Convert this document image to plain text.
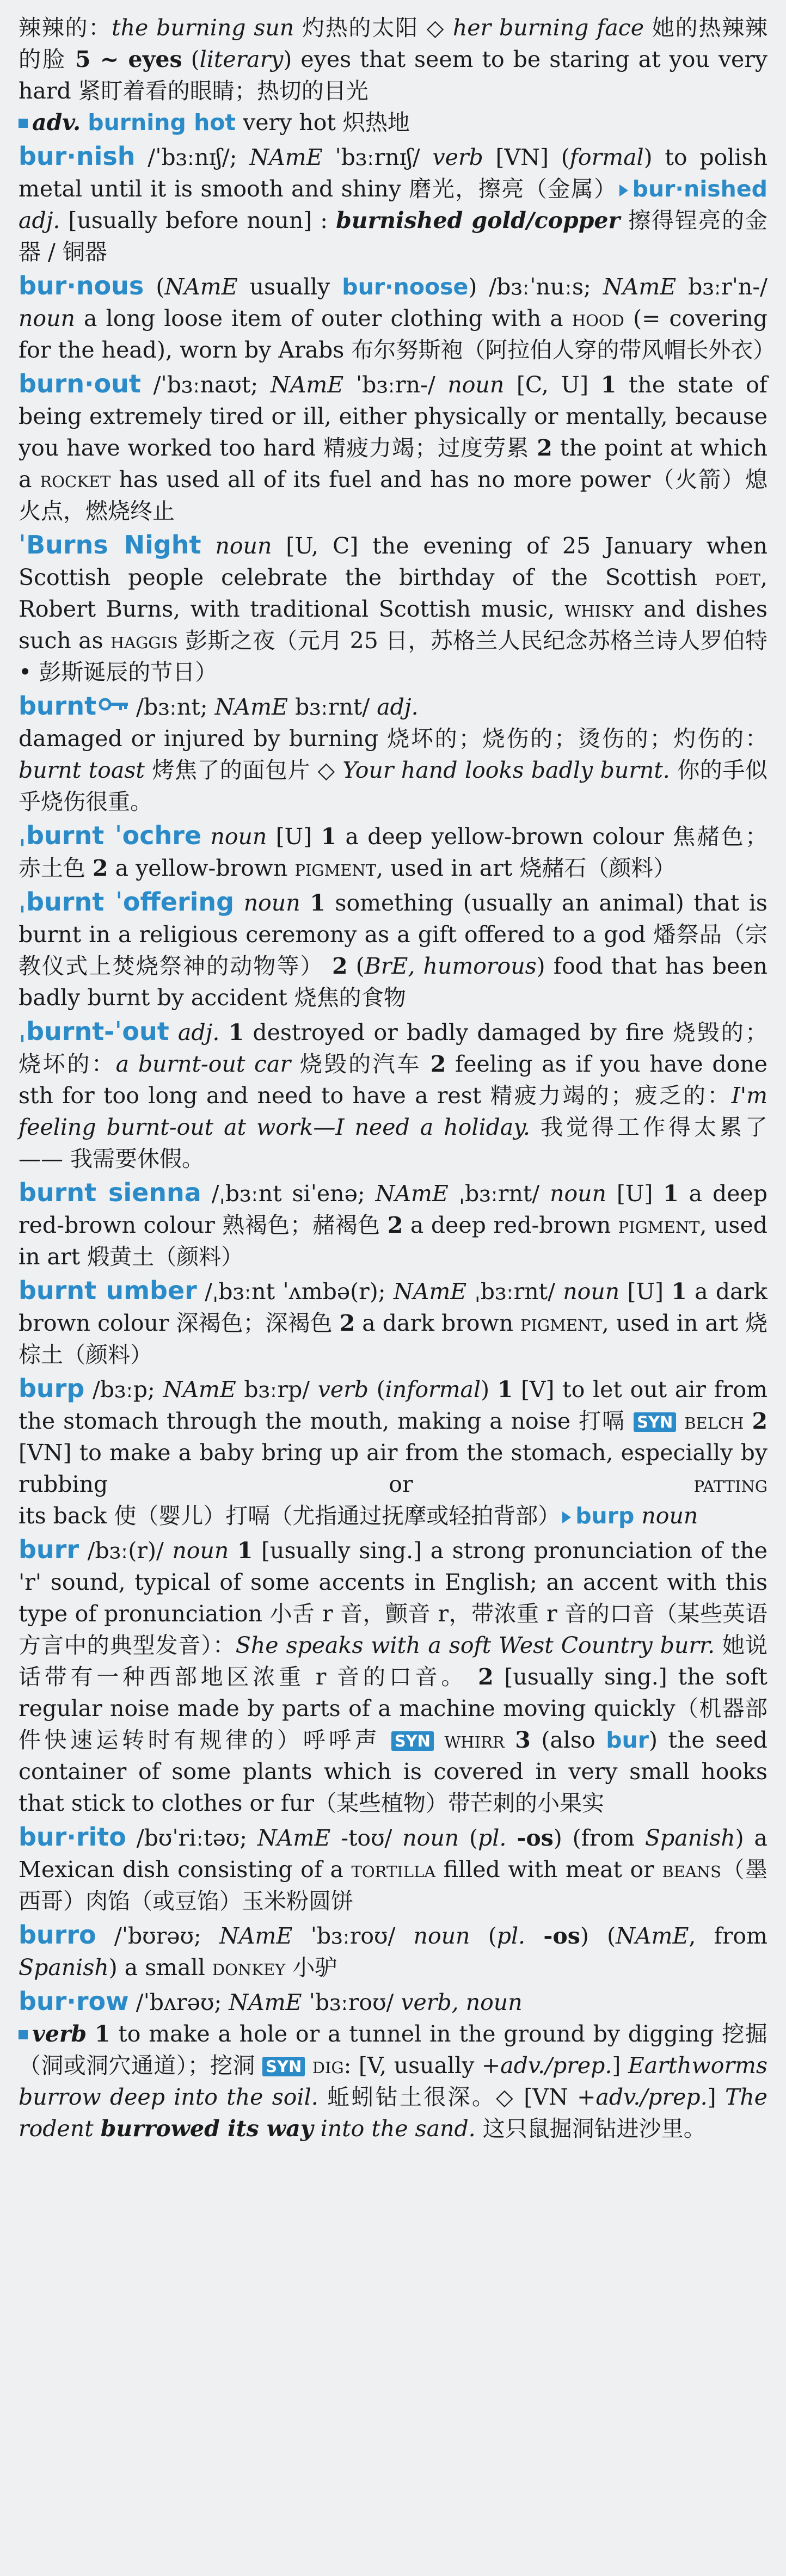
辣辣的：the burning sun 灼热的太阳 ◇ her burning face 她的热辣辣的脸 5 ~ eyes (literary) eyes that seem to be staring at you very hard 紧盯着看的眼睛；热切的目光
adv. burning hot very hot 炽热地

bur·nish /ˈbɜːnɪʃ/; NAmE ˈbɜːrnɪʃ/ verb [VN] (formal) to polish metal until it is smooth and shiny 磨光，擦亮（金属） bur·nished adj. [usually before noun] : burnished gold/copper 擦得锃亮的金器 / 铜器

bur·nous (NAmE usually bur·noose) /bɜːˈnuːs; NAmE bɜːrˈn-/ noun a long loose item of outer clothing with a hood (= covering for the head), worn by Arabs 布尔努斯袍（阿拉伯人穿的带风帽长外衣）

burn·out /ˈbɜːnaʊt; NAmE ˈbɜːrn-/ noun [C, U] 1 the state of being extremely tired or ill, either physically or mentally, because you have worked too hard 精疲力竭；过度劳累 2 the point at which a rocket has used all of its fuel and has no more power（火箭）熄火点，燃烧终止

ˈBurns Night noun [U, C] the evening of 25 January when Scottish people celebrate the birthday of the Scottish poet, Robert Burns, with traditional Scottish music, whisky and dishes such as haggis 彭斯之夜（元月 25 日，苏格兰人民纪念苏格兰诗人罗伯特 • 彭斯诞辰的节日）

burnt /bɜːnt; NAmE bɜːrnt/ adj.
damaged or injured by burning 烧坏的；烧伤的；烫伤的；灼伤的：burnt toast 烤焦了的面包片 ◇ Your hand looks badly burnt. 你的手似乎烧伤很重。

ˌburnt ˈochre noun [U] 1 a deep yellow-brown colour 焦赭色；赤土色 2 a yellow-brown pigment, used in art 烧赭石（颜料）

ˌburnt ˈoffering noun 1 something (usually an animal) that is burnt in a religious ceremony as a gift offered to a god 燔祭品（宗教仪式上焚烧祭神的动物等） 2 (BrE, humorous) food that has been badly burnt by accident 烧焦的食物

ˌburnt-ˈout adj. 1 destroyed or badly damaged by fire 烧毁的；烧坏的：a burnt-out car 烧毁的汽车 2 feeling as if you have done sth for too long and need to have a rest 精疲力竭的；疲乏的：I'm feeling burnt-out at work—I need a holiday. 我觉得工作得太累了 —— 我需要休假。

burnt sienna /ˌbɜːnt siˈenə; NAmE ˌbɜːrnt/ noun [U] 1 a deep red-brown colour 熟褐色；赭褐色 2 a deep red-brown pigment, used in art 煅黄土（颜料）

burnt umber /ˌbɜːnt ˈʌmbə(r); NAmE ˌbɜːrnt/ noun [U] 1 a dark brown colour 深褐色；深褐色 2 a dark brown pigment, used in art 烧棕土（颜料）

burp /bɜːp; NAmE bɜːrp/ verb (informal) 1 [V] to let out air from the stomach through the mouth, making a noise 打嗝 SYN belch 2 [VN] to make a baby bring up air from the stomach, especially by rubbing or patting its back 使（婴儿）打嗝（尤指通过抚摩或轻拍背部） burp noun

burr /bɜː(r)/ noun 1 [usually sing.] a strong pronunciation of the 'r' sound, typical of some accents in English; an accent with this type of pronunciation 小舌 r 音，颤音 r，带浓重 r 音的口音（某些英语方言中的典型发音）：She speaks with a soft West Country burr. 她说话带有一种西部地区浓重 r 音的口音。 2 [usually sing.] the soft regular noise made by parts of a machine moving quickly（机器部件快速运转时有规律的）呼呼声 SYN whirr 3 (also bur) the seed container of some plants which is covered in very small hooks that stick to clothes or fur（某些植物）带芒刺的小果实

bur·rito /bʊˈriːtəʊ; NAmE -toʊ/ noun (pl. -os) (from Spanish) a Mexican dish consisting of a tortilla filled with meat or beans（墨西哥）肉馅（或豆馅）玉米粉圆饼

burro /ˈbʊrəʊ; NAmE ˈbɜːroʊ/ noun (pl. -os) (NAmE, from Spanish) a small donkey 小驴

bur·row /ˈbʌrəʊ; NAmE ˈbɜːroʊ/ verb, noun
verb 1 to make a hole or a tunnel in the ground by digging 挖掘（洞或洞穴通道）；挖洞 SYN dig: [V, usually +adv./prep.] Earthworms burrow deep into the soil. 蚯蚓钻土很深。◇ [VN +adv./prep.] The rodent burrowed its way into the sand. 这只鼠掘洞钻进沙里。
